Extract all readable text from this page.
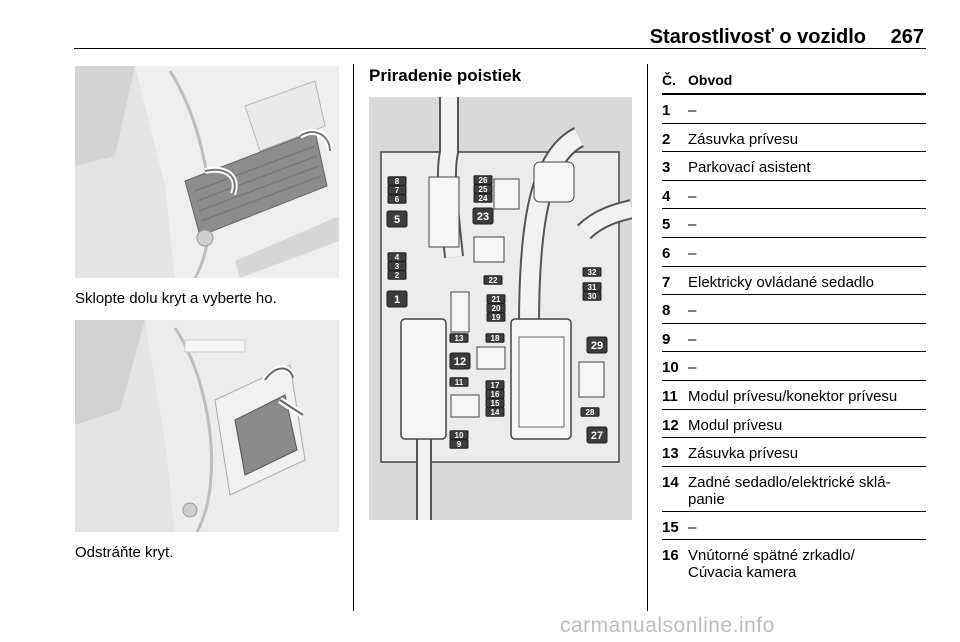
Starostlivosť o vozidlo 267
Sklopte dolu kryt a vyberte ho.
Odstráňte kryt.
Priradenie poistiek
8
7
6
5
4
3
2
1
26
25
24
23
22
21
20
19
18
13
12
11	17
16
15
14
10
9
32
31
30
29
28
27
Č. Obvod
1 –
2 Zásuvka prívesu
3 Parkovací asistent
4 –
5 –
6 –
7 Elektricky ovládané sedadlo
8 –
9 –
10 –
11 Modul prívesu/konektor prívesu
12 Modul prívesu
13 Zásuvka prívesu
14 Zadné sedadlo/elektrické sklá-
panie
15 –
16 Vnútorné spätné zrkadlo/
Cúvacia kamera
carmanualsonline.info
